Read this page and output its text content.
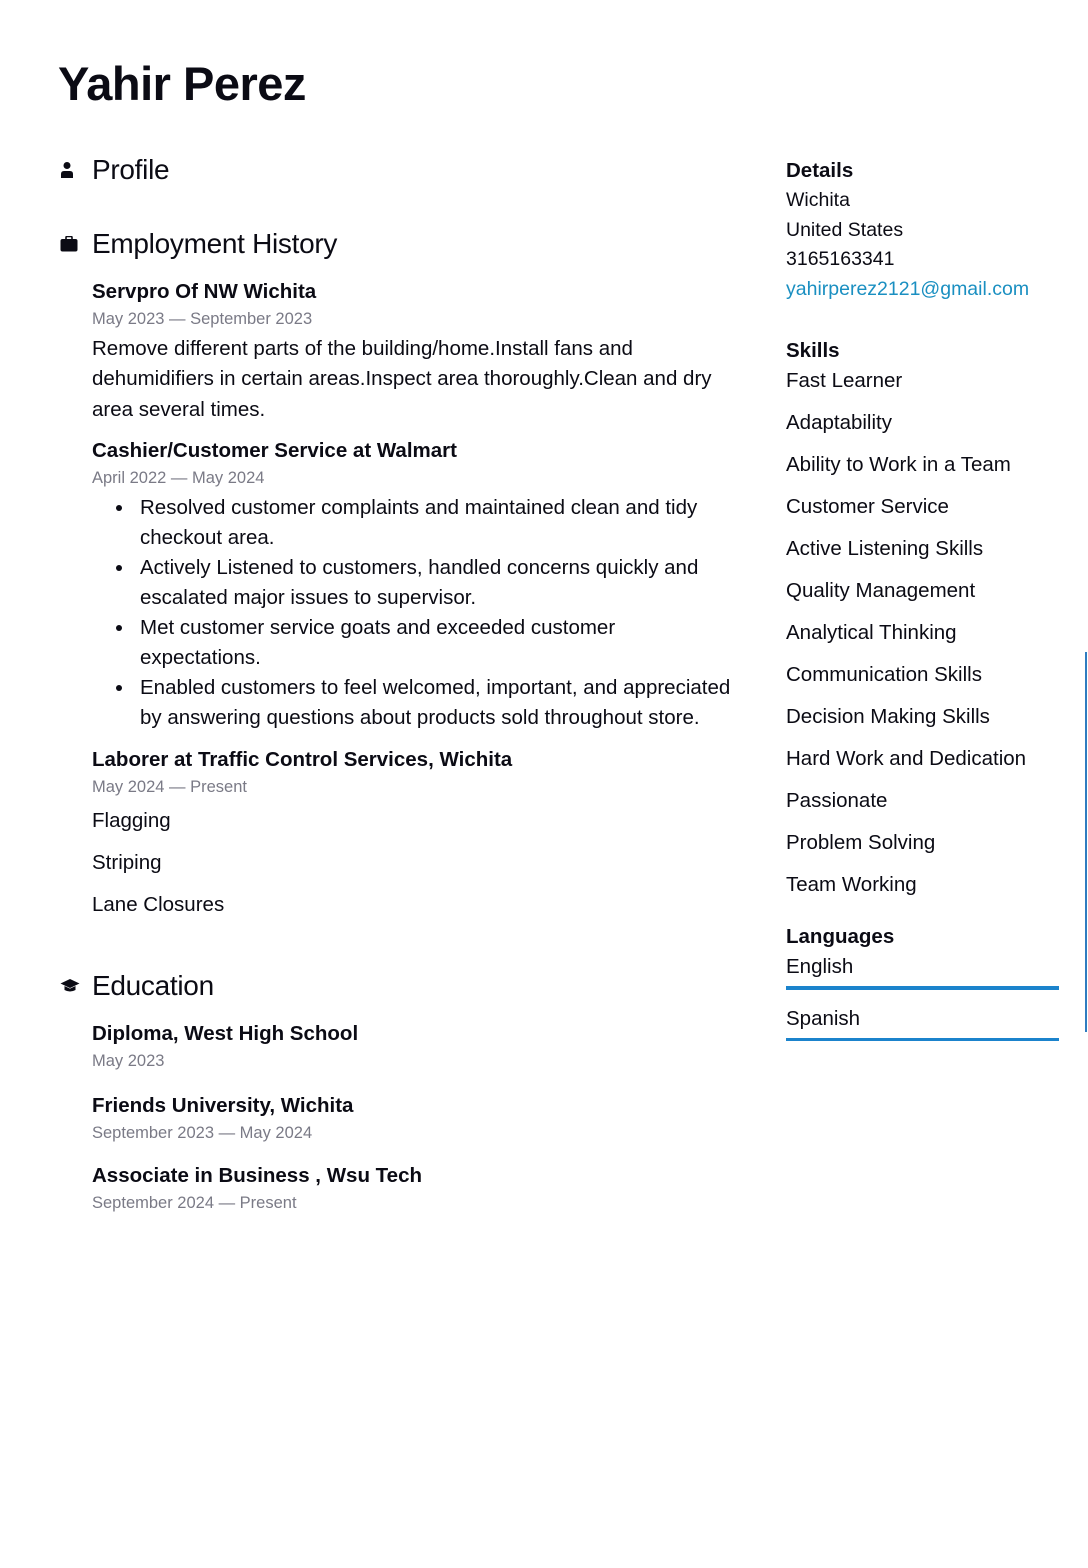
Yahir Perez
Profile
Employment History
Servpro Of NW Wichita
May 2023 — September 2023
Remove different parts of the building/home.Install fans and dehumidifiers in certain areas.Inspect area thoroughly.Clean and dry area several times.
Cashier/Customer Service at Walmart
April 2022 — May 2024
• Resolved customer complaints and maintained clean and tidy checkout area.
• Actively Listened to customers, handled concerns quickly and escalated major issues to supervisor.
• Met customer service goats and exceeded customer expectations.
• Enabled customers to feel welcomed, important, and appreciated by answering questions about products sold throughout store.
Laborer at Traffic Control Services, Wichita
May 2024 — Present
Flagging
Striping
Lane Closures
Education
Diploma, West High School
May 2023
Friends University, Wichita
September 2023 — May 2024
Associate in Business , Wsu Tech
September 2024 — Present
Details
Wichita
United States
3165163341
yahirperez2121@gmail.com
Skills
Fast Learner
Adaptability
Ability to Work in a Team
Customer Service
Active Listening Skills
Quality Management
Analytical Thinking
Communication Skills
Decision Making Skills
Hard Work and Dedication
Passionate
Problem Solving
Team Working
Languages
English
Spanish
